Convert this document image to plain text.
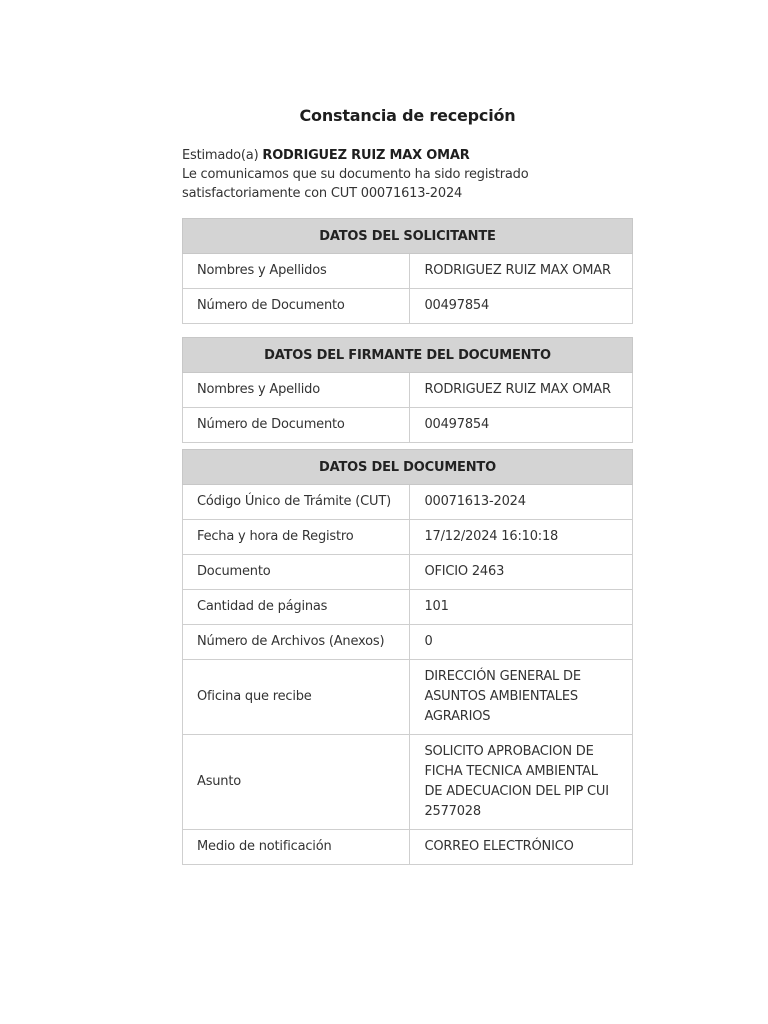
Constancia de recepción
Estimado(a) RODRIGUEZ RUIZ MAX OMAR
Le comunicamos que su documento ha sido registrado
satisfactoriamente con CUT 00071613-2024
DATOS DEL SOLICITANTE	
Nombres y Apellidos	RODRIGUEZ RUIZ MAX OMAR
Número de Documento	00497854
DATOS DEL FIRMANTE DEL DOCUMENTO	
Nombres y Apellido	RODRIGUEZ RUIZ MAX OMAR
Número de Documento	00497854
DATOS DEL DOCUMENTO	
Código Único de Trámite (CUT)	00071613-2024
Fecha y hora de Registro	17/12/2024 16:10:18
Documento	OFICIO 2463
Cantidad de páginas	101
Número de Archivos (Anexos)	0
Oficina que recibe	DIRECCIÓN GENERAL DE ASUNTOS AMBIENTALES AGRARIOS
Asunto	SOLICITO APROBACION DE FICHA TECNICA AMBIENTAL DE ADECUACION DEL PIP CUI 2577028
Medio de notificación	CORREO ELECTRÓNICO
